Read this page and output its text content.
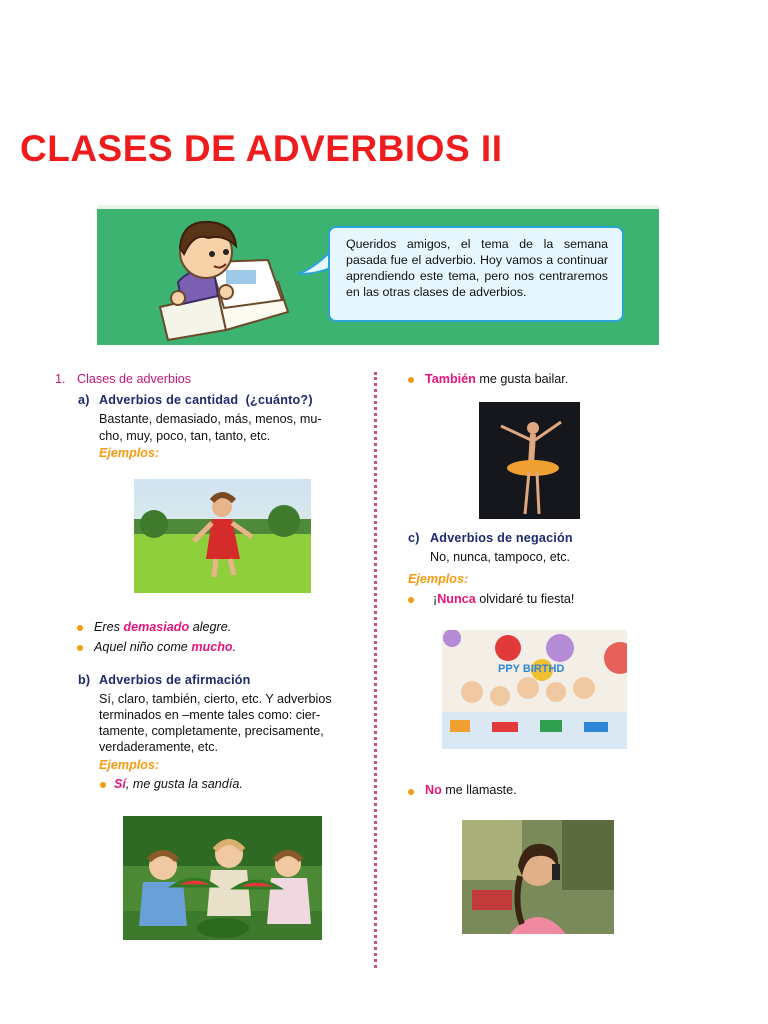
CLASES DE ADVERBIOS II
Queridos amigos, el tema de la semana pasada fue el adverbio. Hoy vamos a continuar aprendiendo este tema, pero nos centraremos en las otras clases de adverbios.
1. Clases de adverbios
a) Adverbios de cantidad  (¿cuánto?)
Bastante, demasiado, más, menos, mu-
cho, muy, poco, tan, tanto, etc.
Ejemplos:
Eres demasiado alegre.
Aquel niño come mucho.
b) Adverbios de afirmación
Sí, claro, también, cierto, etc. Y adverbios
terminados en –mente tales como: cier-
tamente, completamente, precisamente,
verdaderamente, etc.
Ejemplos:
Sí, me gusta la sandía.
También me gusta bailar.
c) Adverbios de negación
No, nunca, tampoco, etc.
Ejemplos:
¡Nunca olvidaré tu fiesta!
PPY BIRTHD
No me llamaste.
